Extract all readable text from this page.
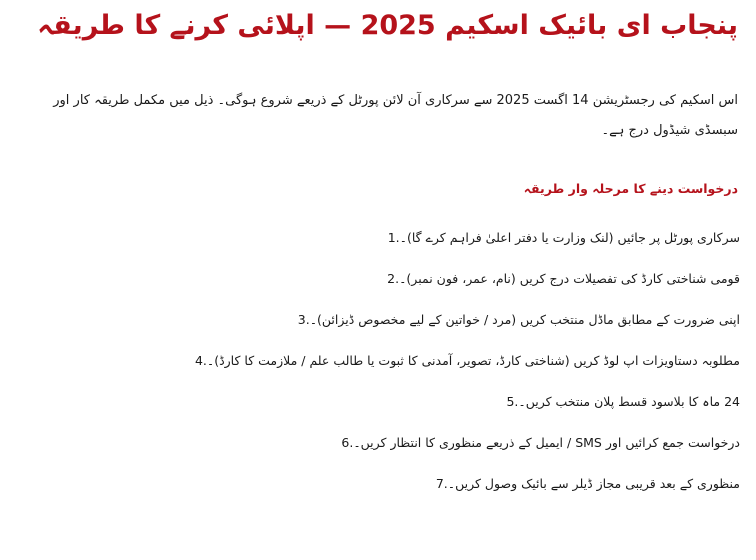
پنجاب ای بائیک اسکیم 2025 — اپلائی کرنے کا طریقہ

اس اسکیم کی رجسٹریشن 14 اگست 2025 سے سرکاری آن لائن پورٹل کے ذریعے شروع ہوگی۔ ذیل میں مکمل طریقہ کار اور سبسڈی شیڈول درج ہے۔

درخواست دینے کا مرحلہ وار طریقہ
1. سرکاری پورٹل پر جائیں (لنک وزارت یا دفتر اعلیٰ فراہم کرے گا)۔
2. قومی شناختی کارڈ کی تفصیلات درج کریں (نام، عمر، فون نمبر)۔
3. اپنی ضرورت کے مطابق ماڈل منتخب کریں (مرد / خواتین کے لیے مخصوص ڈیزائن)۔
4. مطلوبہ دستاویزات اپ لوڈ کریں (شناختی کارڈ، تصویر، آمدنی کا ثبوت یا طالب علم / ملازمت کا کارڈ)۔
5. 24 ماہ کا بلاسود قسط پلان منتخب کریں۔
6. درخواست جمع کرائیں اور SMS / ایمیل کے ذریعے منظوری کا انتظار کریں۔
7. منظوری کے بعد قریبی مجاز ڈیلر سے بائیک وصول کریں۔
